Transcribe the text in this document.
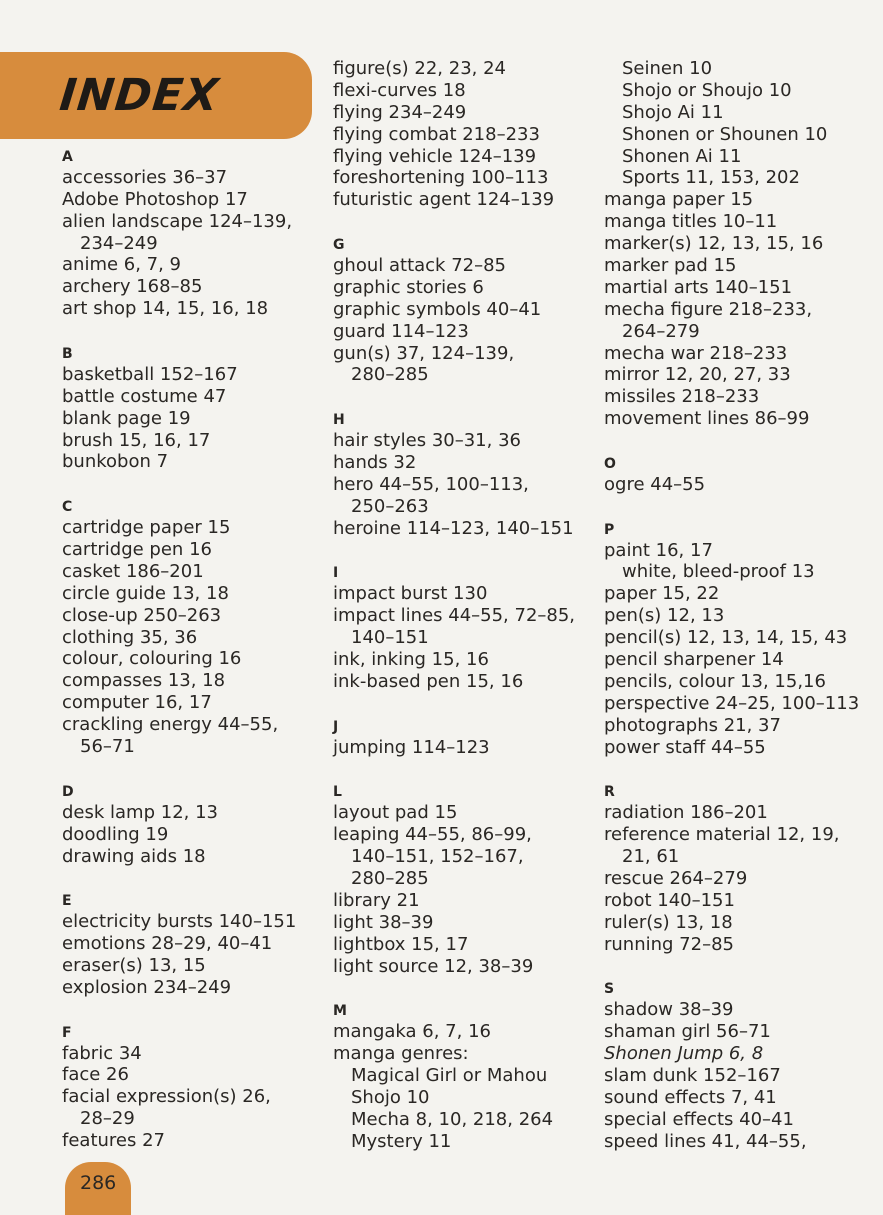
INDEX
A
accessories 36–37
Adobe Photoshop 17
alien landscape 124–139,
234–249
anime 6, 7, 9
archery 168–85
art shop 14, 15, 16, 18
B
basketball 152–167
battle costume 47
blank page 19
brush 15, 16, 17
bunkobon 7
C
cartridge paper 15
cartridge pen 16
casket 186–201
circle guide 13, 18
close-up 250–263
clothing 35, 36
colour, colouring 16
compasses 13, 18
computer 16, 17
crackling energy 44–55,
56–71
D
desk lamp 12, 13
doodling 19
drawing aids 18
E
electricity bursts 140–151
emotions 28–29, 40–41
eraser(s) 13, 15
explosion 234–249
F
fabric 34
face 26
facial expression(s) 26,
28–29
features 27
figure(s) 22, 23, 24
flexi-curves 18
flying 234–249
flying combat 218–233
flying vehicle 124–139
foreshortening 100–113
futuristic agent 124–139
G
ghoul attack 72–85
graphic stories 6
graphic symbols 40–41
guard 114–123
gun(s) 37, 124–139,
280–285
H
hair styles 30–31, 36
hands 32
hero 44–55, 100–113,
250–263
heroine 114–123, 140–151
I
impact burst 130
impact lines 44–55, 72–85,
140–151
ink, inking 15, 16
ink-based pen 15, 16
J
jumping 114–123
L
layout pad 15
leaping 44–55, 86–99,
140–151, 152–167,
280–285
library 21
light 38–39
lightbox 15, 17
light source 12, 38–39
M
mangaka 6, 7, 16
manga genres:
Magical Girl or Mahou
Shojo 10
Mecha 8, 10, 218, 264
Mystery 11
Seinen 10
Shojo or Shoujo 10
Shojo Ai 11
Shonen or Shounen 10
Shonen Ai 11
Sports 11, 153, 202
manga paper 15
manga titles 10–11
marker(s) 12, 13, 15, 16
marker pad 15
martial arts 140–151
mecha figure 218–233,
264–279
mecha war 218–233
mirror 12, 20, 27, 33
missiles 218–233
movement lines 86–99
O
ogre 44–55
P
paint 16, 17
white, bleed-proof 13
paper 15, 22
pen(s) 12, 13
pencil(s) 12, 13, 14, 15, 43
pencil sharpener 14
pencils, colour 13, 15,16
perspective 24–25, 100–113
photographs 21, 37
power staff 44–55
R
radiation 186–201
reference material 12, 19,
21, 61
rescue 264–279
robot 140–151
ruler(s) 13, 18
running 72–85
S
shadow 38–39
shaman girl 56–71
Shonen Jump 6, 8
slam dunk 152–167
sound effects 7, 41
special effects 40–41
speed lines 41, 44–55,
286
